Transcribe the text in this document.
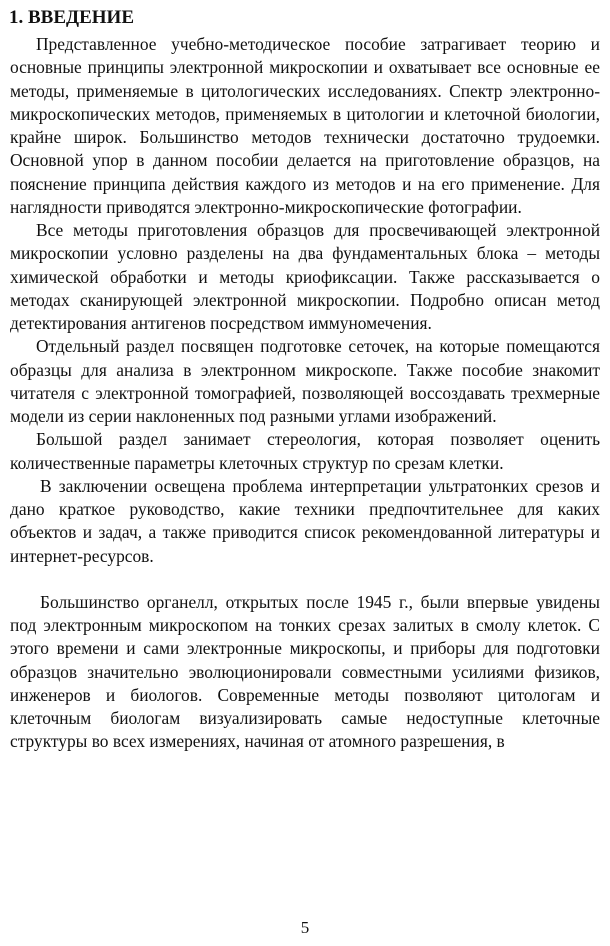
1. ВВЕДЕНИЕ

Представленное учебно-методическое пособие затрагивает теорию и основные принципы электронной микроскопии и охватывает все основные ее методы, применяемые в цитологических исследованиях. Спектр электронно-микроскопических методов, применяемых в цитологии и клеточной биологии, крайне широк. Большинство методов технически достаточно трудоемки. Основной упор в данном пособии делается на приготовление образцов, на пояснение принципа действия каждого из методов и на его применение. Для наглядности приводятся электронно-микроскопические фотографии.

Все методы приготовления образцов для просвечивающей электронной микроскопии условно разделены на два фундаментальных блока – методы химической обработки и методы криофиксации. Также рассказывается о методах сканирующей электронной микроскопии. Подробно описан метод детектирования антигенов посредством иммуномечения.

Отдельный раздел посвящен подготовке сеточек, на которые помещаются образцы для анализа в электронном микроскопе. Также пособие знакомит читателя с электронной томографией, позволяющей воссоздавать трехмерные модели из серии наклоненных под разными углами изображений.

Большой раздел занимает стереология, которая позволяет оценить количественные параметры клеточных структур по срезам клетки.

В заключении освещена проблема интерпретации ультратонких срезов и дано краткое руководство, какие техники предпочтительнее для каких объектов и задач, а также приводится список рекомендованной литературы и интернет-ресурсов.

Большинство органелл, открытых после 1945 г., были впервые увидены под электронным микроскопом на тонких срезах залитых в смолу клеток. С этого времени и сами электронные микроскопы, и приборы для подготовки образцов значительно эволюционировали совместными усилиями физиков, инженеров и биологов. Современные методы позволяют цитологам и клеточным биологам визуализировать самые недоступные клеточные структуры во всех измерениях, начиная от атомного разрешения, в

5
